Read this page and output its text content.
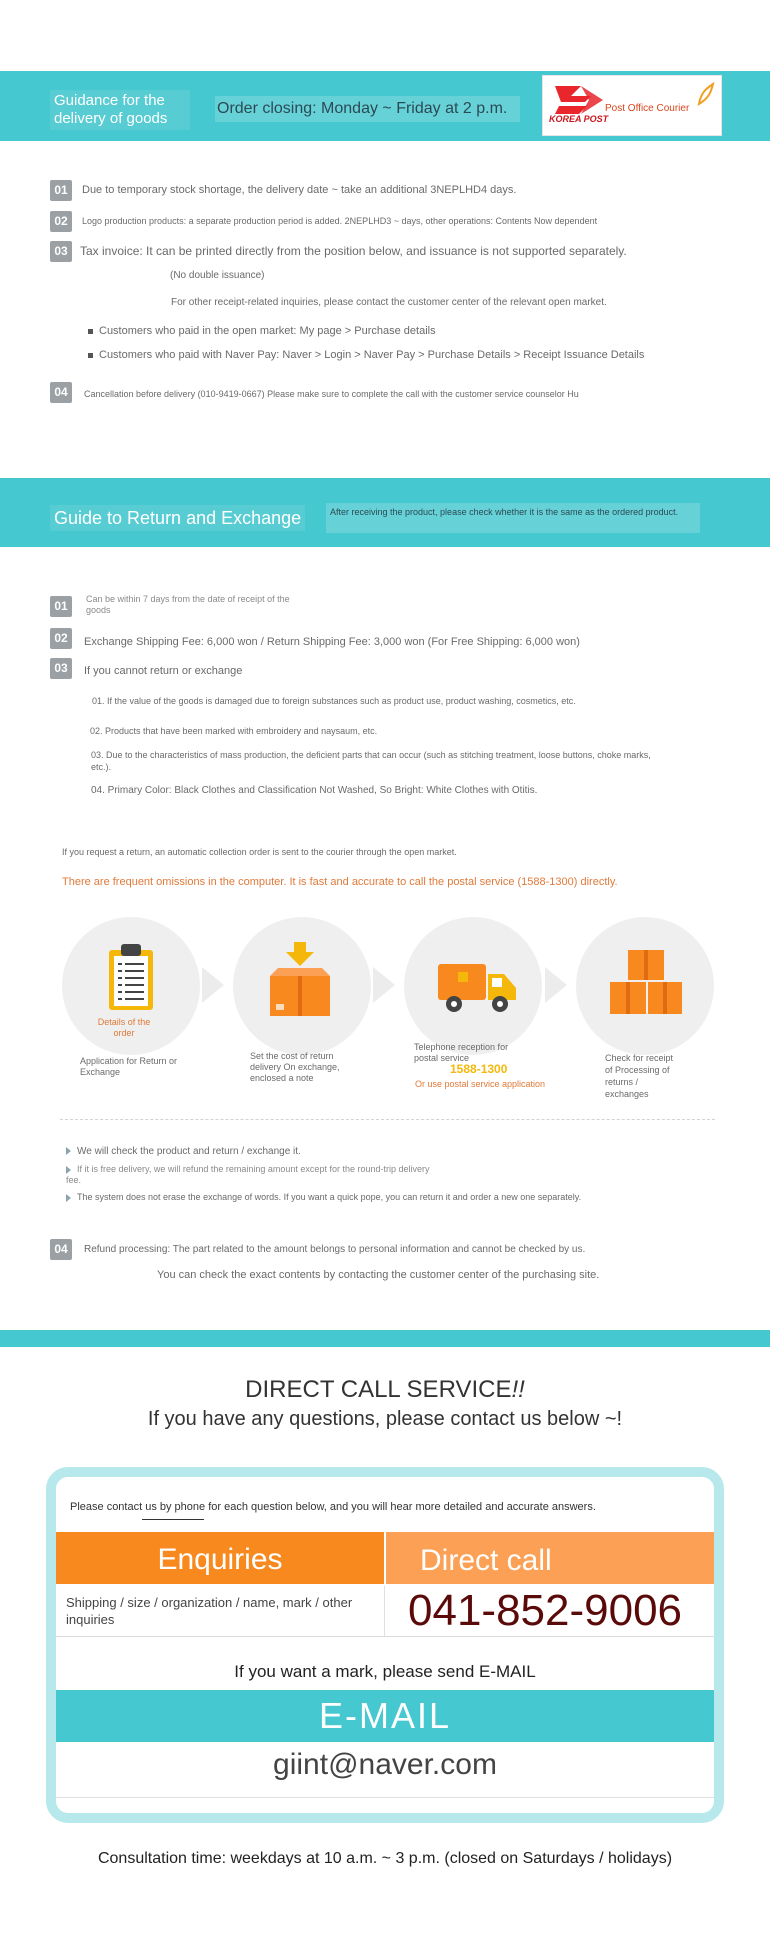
Guidance for the delivery of goods
Order closing: Monday ~ Friday at 2 p.m.
KOREA POST
Post Office Courier
01	Due to temporary stock shortage, the delivery date ~ take an additional 3NEPLHD4 days.
02	Logo production products: a separate production period is added. 2NEPLHD3 ~ days, other operations: Contents Now dependent
03	Tax invoice: It can be printed directly from the position below, and issuance is not supported separately.
(No double issuance)
For other receipt-related inquiries, please contact the customer center of the relevant open market.
Customers who paid in the open market: My page > Purchase details
Customers who paid with Naver Pay: Naver > Login > Naver Pay > Purchase Details > Receipt Issuance Details
04	Cancellation before delivery (010-9419-0667) Please make sure to complete the call with the customer service counselor Hu
Guide to Return and Exchange	After receiving the product, please check whether it is the same as the ordered product.
01	Can be within 7 days from the date of receipt of the goods
02	Exchange Shipping Fee: 6,000 won / Return Shipping Fee: 3,000 won (For Free Shipping: 6,000 won)
03	If you cannot return or exchange
01. If the value of the goods is damaged due to foreign substances such as product use, product washing, cosmetics, etc.
02. Products that have been marked with embroidery and naysaum, etc.
03. Due to the characteristics of mass production, the deficient parts that can occur (such as stitching treatment, loose buttons, choke marks, etc.).
04. Primary Color: Black Clothes and Classification Not Washed, So Bright: White Clothes with Otitis.
If you request a return, an automatic collection order is sent to the courier through the open market.
There are frequent omissions in the computer. It is fast and accurate to call the postal service (1588-1300) directly.
Details of the order
Application for Return or Exchange
Set the cost of return delivery On exchange, enclosed a note
Telephone reception for postal service
1588-1300
Or use postal service application
Check for receipt of Processing of returns / exchanges
We will check the product and return / exchange it.
If it is free delivery, we will refund the remaining amount except for the round-trip delivery fee.
The system does not erase the exchange of words. If you want a quick pope, you can return it and order a new one separately.
04	Refund processing: The part related to the amount belongs to personal information and cannot be checked by us.
You can check the exact contents by contacting the customer center of the purchasing site.
DIRECT CALL SERVICE!!
If you have any questions, please contact us below ~!
Please contact us by phone for each question below, and you will hear more detailed and accurate answers.
Enquiries	Direct call
Shipping / size / organization / name, mark / other inquiries	041-852-9006
If you want a mark, please send E-MAIL
E-MAIL
giint@naver.com
Consultation time: weekdays at 10 a.m. ~ 3 p.m. (closed on Saturdays / holidays)
